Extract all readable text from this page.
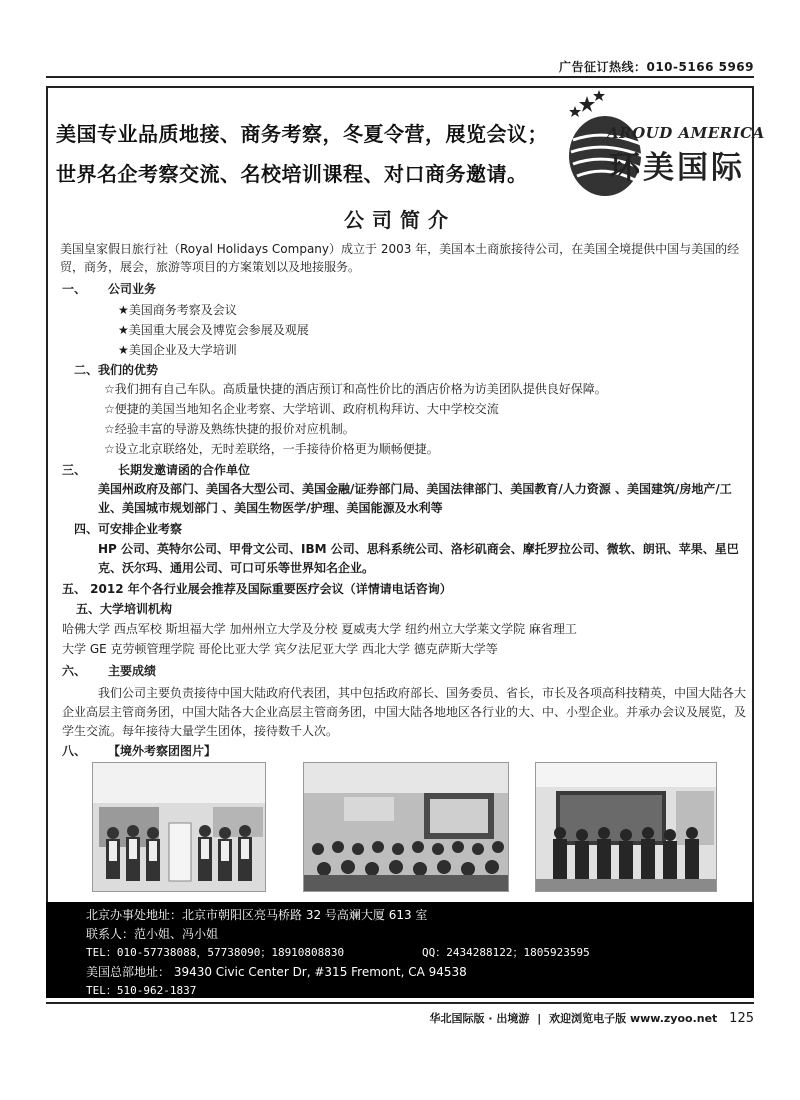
广告征订热线：010-5166 5969
美国专业品质地接、商务考察，冬夏令营，展览会议；
世界名企考察交流、名校培训课程、对口商务邀请。
AROUD AMERICA
环美国际
公司简介
美国皇家假日旅行社（Royal Holidays Company）成立于 2003 年，美国本土商旅接待公司，在美国全境提供中国与美国的经贸，商务，展会，旅游等项目的方案策划以及地接服务。
一、 公司业务
★美国商务考察及会议
★美国重大展会及博览会参展及观展
★美国企业及大学培训
二、我们的优势
☆我们拥有自己车队。高质量快捷的酒店预订和高性价比的酒店价格为访美团队提供良好保障。
☆便捷的美国当地知名企业考察、大学培训、政府机构拜访、大中学校交流
☆经验丰富的导游及熟练快捷的报价对应机制。
☆设立北京联络处，无时差联络，一手接待价格更为顺畅便捷。
三、	长期发邀请函的合作单位
美国州政府及部门、美国各大型公司、美国金融/证券部门局、美国法律部门、美国教育/人力资源 、美国建筑/房地产/工业、美国城市规划部门 、美国生物医学/护理、美国能源及水利等
四、可安排企业考察
HP 公司、英特尔公司、甲骨文公司、IBM 公司、思科系统公司、洛杉矶商会、摩托罗拉公司、微软、朗讯、苹果、星巴克、沃尔玛、通用公司、可口可乐等世界知名企业。
五、 2012 年个各行业展会推荐及国际重要医疗会议（详情请电话咨询）
五、大学培训机构
哈佛大学 西点军校 斯坦福大学 加州州立大学及分校 夏威夷大学 纽约州立大学莱文学院 麻省理工
大学 GE 克劳顿管理学院 哥伦比亚大学 宾夕法尼亚大学 西北大学 德克萨斯大学等
六、 主要成绩
我们公司主要负责接待中国大陆政府代表团，其中包括政府部长、国务委员、省长，市长及各项高科技精英，中国大陆各大企业高层主管商务团，中国大陆各大企业高层主管商务团，中国大陆各地地区各行业的大、中、小型企业。并承办会议及展览，及学生交流。每年接待大量学生团体，接待数千人次。
八、 【境外考察团图片】
北京办事处地址：北京市朝阳区亮马桥路 32 号高斓大厦 613 室
联系人：范小姐、冯小姐
TEL：010-57738088，57738090；18910808830	QQ：2434288122；1805923595
美国总部地址： 39430 Civic Center Dr, #315 Fremont, CA 94538
TEL：510-962-1837
华北国际版 · 出境游 | 欢迎浏览电子版 www.zyoo.net 125
